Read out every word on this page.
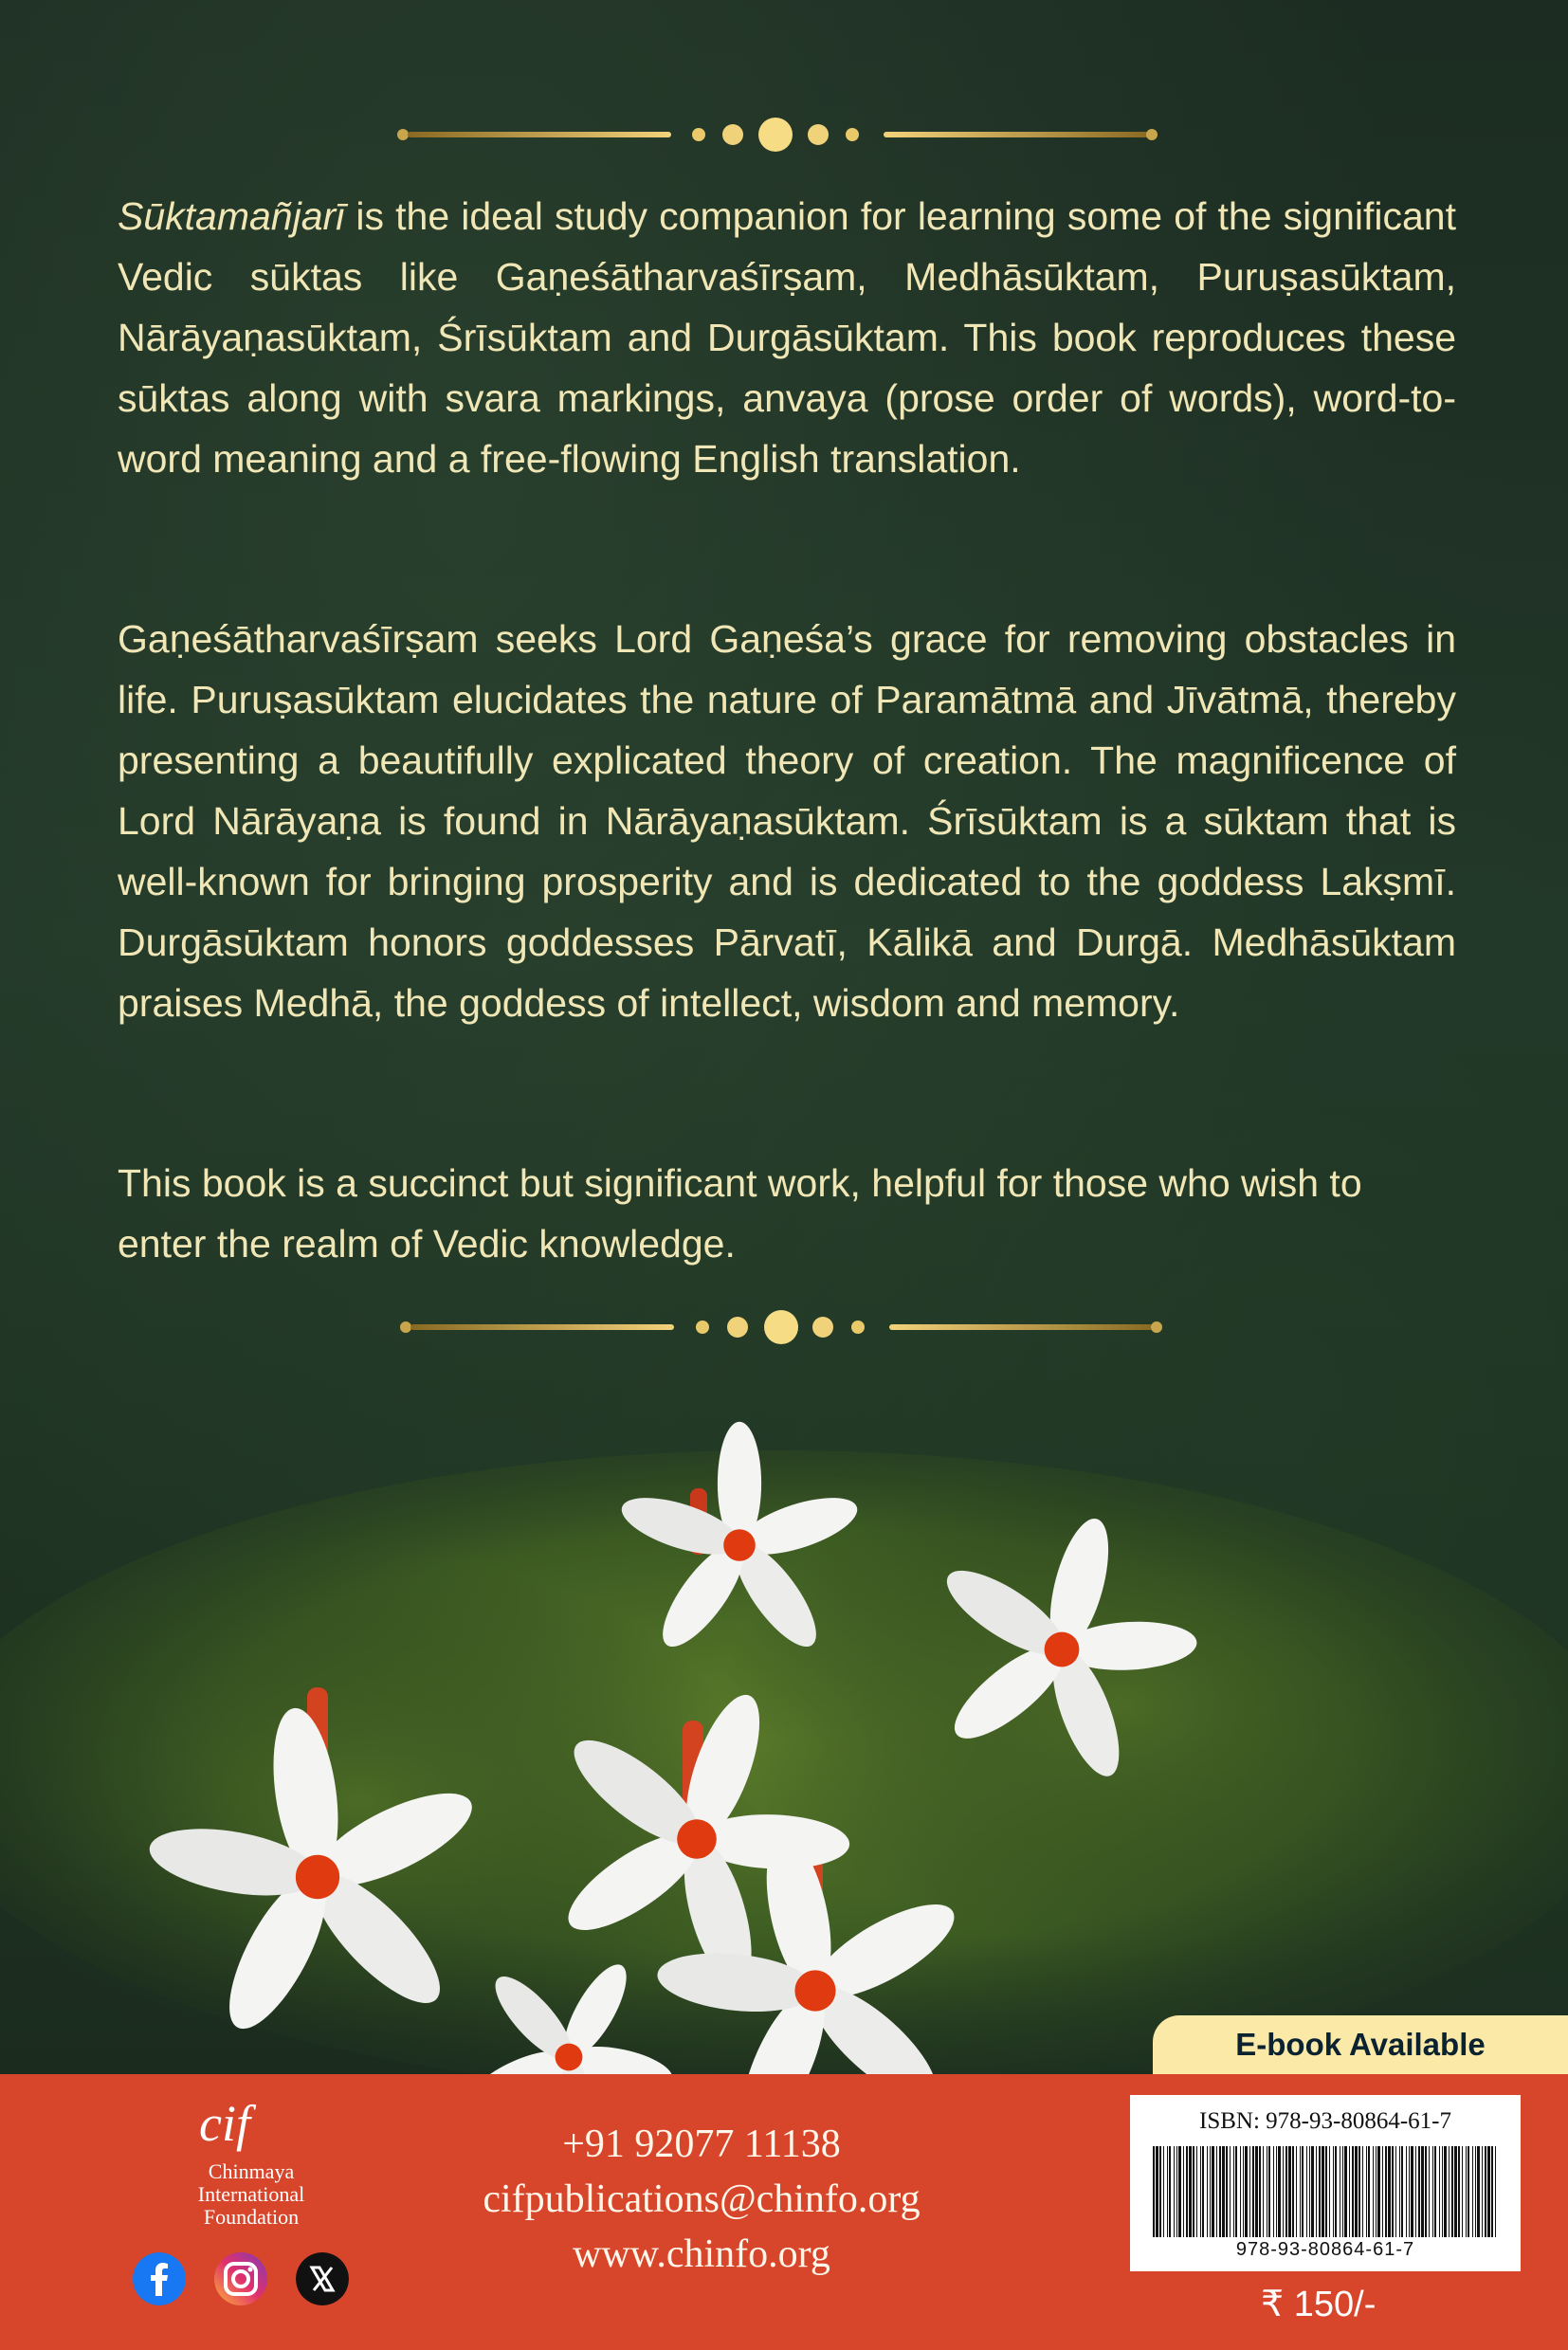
Sūktamañjarī is the ideal study companion for learning some of the significant Vedic sūktas like Gaṇeśātharvaśīrṣam, Medhāsūktam, Puruṣasūktam, Nārāyaṇasūktam, Śrīsūktam and Durgāsūktam. This book reproduces these sūktas along with svara markings, anvaya (prose order of words), word-to-word meaning and a free-flowing English translation.

Gaṇeśātharvaśīrṣam seeks Lord Gaṇeśa’s grace for removing obstacles in life. Puruṣasūktam elucidates the nature of Paramātmā and Jīvātmā, thereby presenting a beautifully explicated theory of creation. The magnificence of Lord Nārāyaṇa is found in Nārāyaṇasūktam. Śrīsūktam is a sūktam that is well-known for bringing prosperity and is dedicated to the goddess Lakṣmī. Durgāsūktam honors goddesses Pārvatī, Kālikā and Durgā. Medhāsūktam praises Medhā, the goddess of intellect, wisdom and memory.

This book is a succinct but significant work, helpful for those who wish to enter the realm of Vedic knowledge.

E-book Available
cif
Chinmaya
International
Foundation
+91 92077 11138
cifpublications@chinfo.org
www.chinfo.org
ISBN: 978-93-80864-61-7
978-93-80864-61-7
₹ 150/-
